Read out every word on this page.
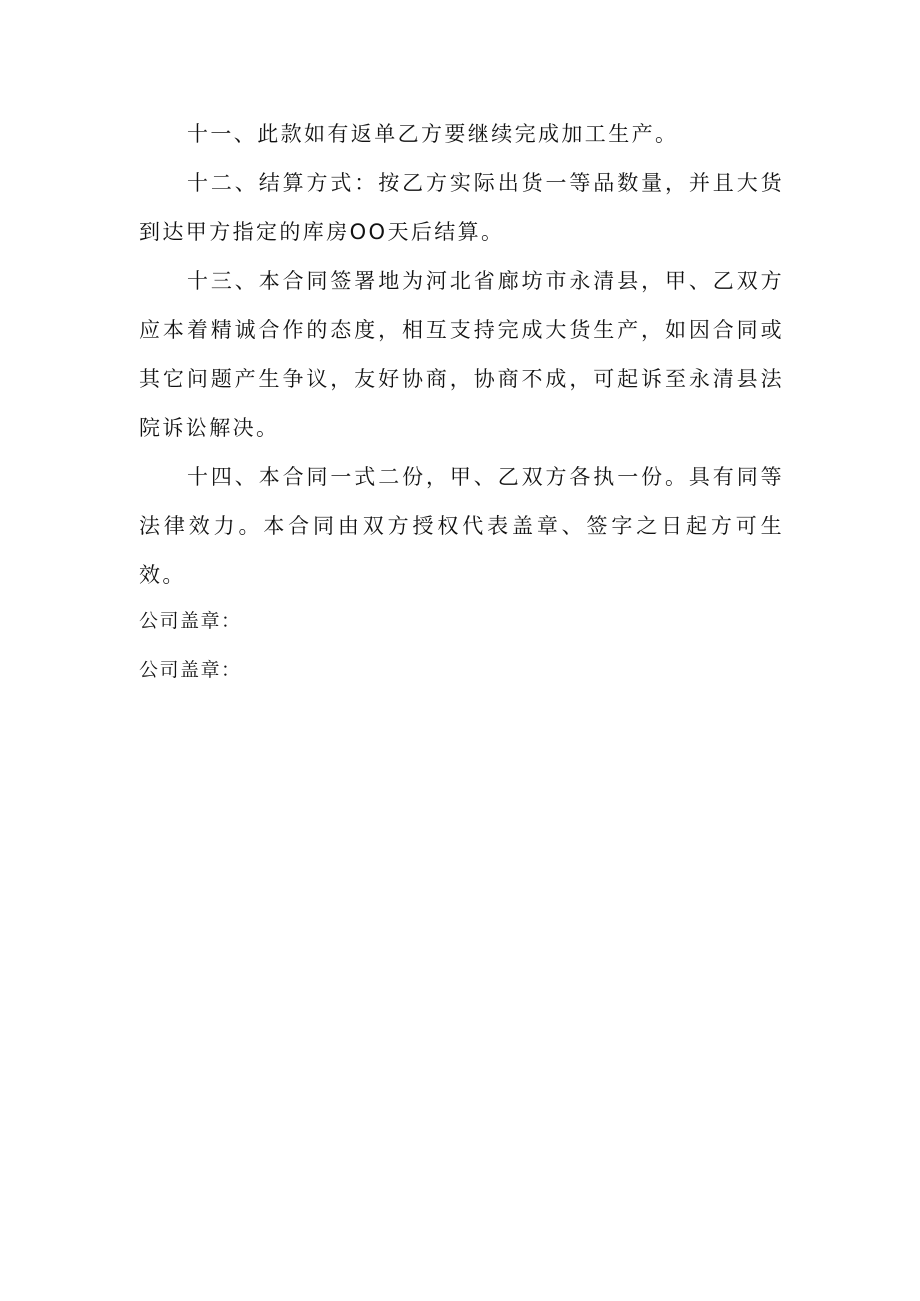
十一、此款如有返单乙方要继续完成加工生产。

十二、结算方式：按乙方实际出货一等品数量，并且大货到达甲方指定的库房OO天后结算。

十三、本合同签署地为河北省廊坊市永清县，甲、乙双方应本着精诚合作的态度，相互支持完成大货生产，如因合同或其它问题产生争议，友好协商，协商不成，可起诉至永清县法院诉讼解决。

十四、本合同一式二份，甲、乙双方各执一份。具有同等法律效力。本合同由双方授权代表盖章、签字之日起方可生效。

公司盖章：

公司盖章：
